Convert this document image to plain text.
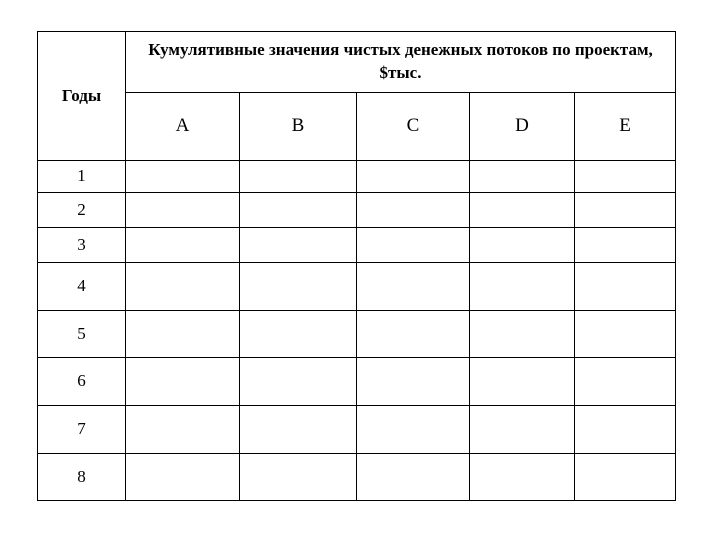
Годы	Кумулятивные значения чистых денежных потоков по проектам, $тыс.				
	A	B	C	D	E
1					
2					
3					
4					
5					
6					
7					
8					
